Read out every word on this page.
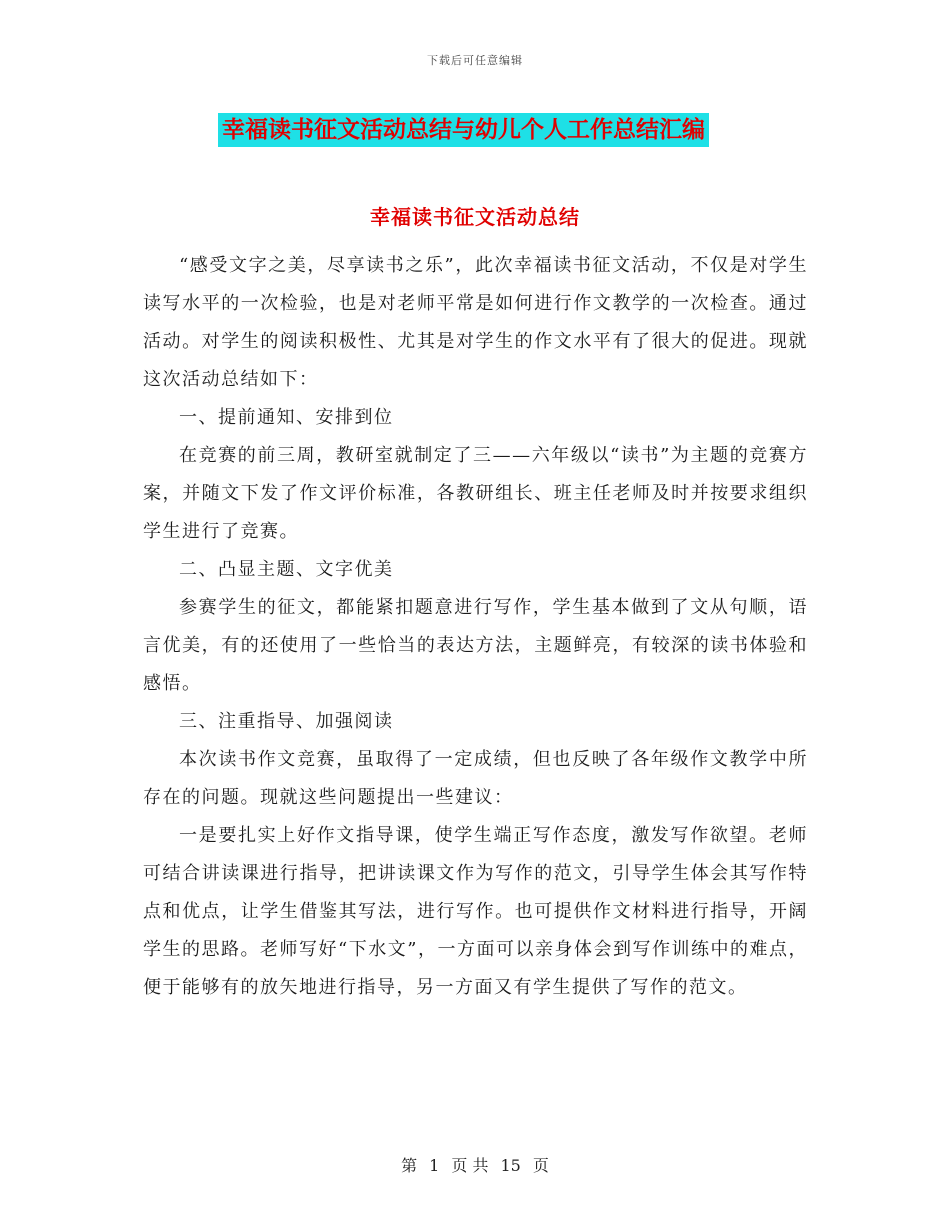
下载后可任意编辑
幸福读书征文活动总结与幼儿个人工作总结汇编
幸福读书征文活动总结

“感受文字之美，尽享读书之乐”，此次幸福读书征文活动，不仅是对学生读写水平的一次检验，也是对老师平常是如何进行作文教学的一次检查。通过活动。对学生的阅读积极性、尤其是对学生的作文水平有了很大的促进。现就这次活动总结如下：

一、提前通知、安排到位

在竞赛的前三周，教研室就制定了三——六年级以“读书”为主题的竞赛方案，并随文下发了作文评价标准，各教研组长、班主任老师及时并按要求组织学生进行了竞赛。

二、凸显主题、文字优美

参赛学生的征文，都能紧扣题意进行写作，学生基本做到了文从句顺，语言优美，有的还使用了一些恰当的表达方法，主题鲜亮，有较深的读书体验和感悟。

三、注重指导、加强阅读

本次读书作文竞赛，虽取得了一定成绩，但也反映了各年级作文教学中所存在的问题。现就这些问题提出一些建议：

一是要扎实上好作文指导课，使学生端正写作态度，激发写作欲望。老师可结合讲读课进行指导，把讲读课文作为写作的范文，引导学生体会其写作特点和优点，让学生借鉴其写法，进行写作。也可提供作文材料进行指导，开阔学生的思路。老师写好“下水文”，一方面可以亲身体会到写作训练中的难点，便于能够有的放矢地进行指导，另一方面又有学生提供了写作的范文。

第 1 页 共 15 页
